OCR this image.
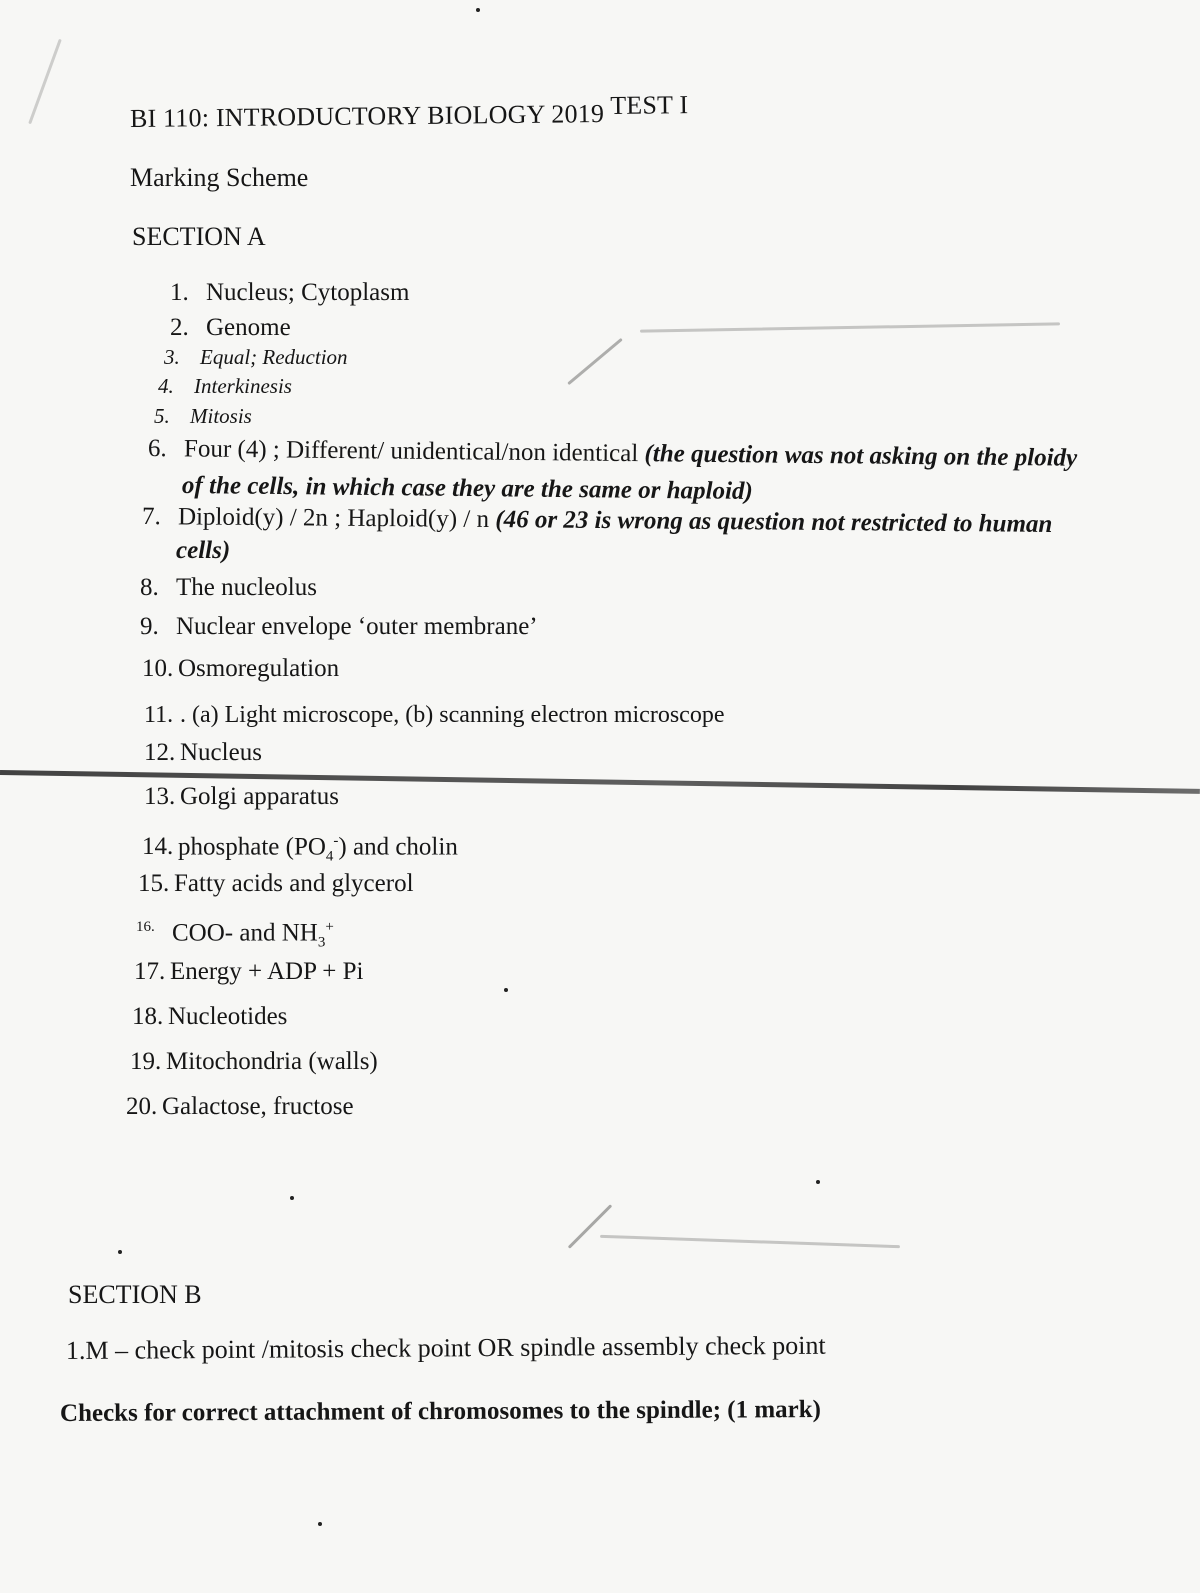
BI 110: INTRODUCTORY BIOLOGY 2019 TEST I
Marking Scheme
SECTION A
1. Nucleus; Cytoplasm
2. Genome
3. Equal; Reduction
4. Interkinesis
5. Mitosis
6. Four (4) ; Different/ unidentical/non identical (the question was not asking on the ploidy
of the cells, in which case they are the same or haploid)
7. Diploid(y) / 2n ; Haploid(y) / n (46 or 23 is wrong as question not restricted to human
cells)
8. The nucleolus
9. Nuclear envelope ‘outer membrane’
10. Osmoregulation
11. . (a) Light microscope, (b) scanning electron microscope
12. Nucleus
13. Golgi apparatus
14. phosphate $(PO_4^-)$ and cholin
15. Fatty acids and glycerol
16. COO- and $NH_3^+$
17. Energy + ADP + Pi
18. Nucleotides
19. Mitochondria (walls)
20. Galactose, fructose
SECTION B
1.M – check point /mitosis check point OR spindle assembly check point
Checks for correct attachment of chromosomes to the spindle; (1 mark)
